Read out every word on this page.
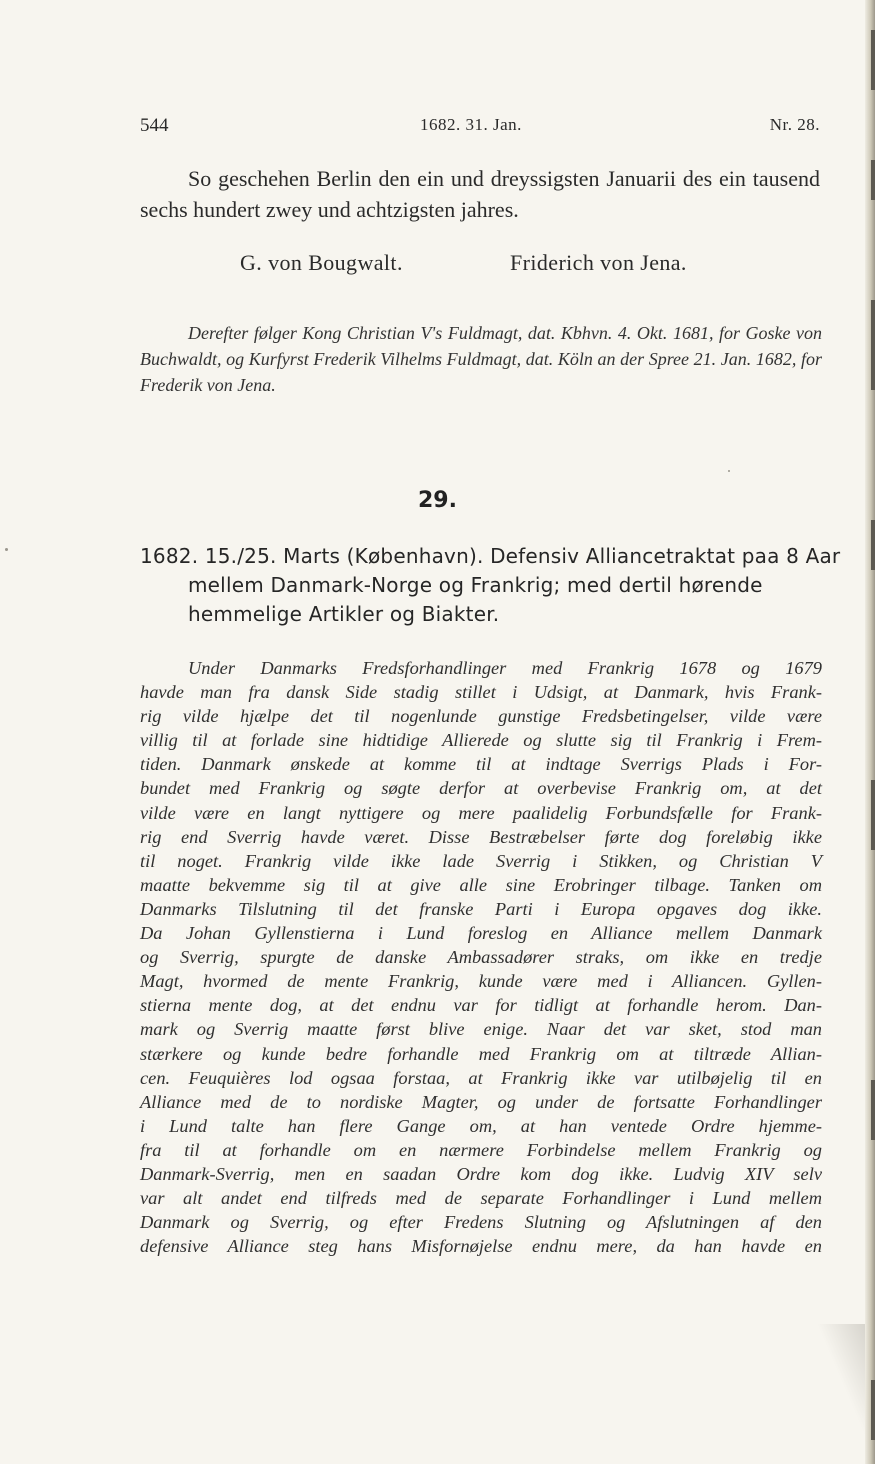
544	1682. 31. Jan.	Nr. 28.

So geschehen Berlin den ein und dreyssigsten Januarii des ein tausend sechs hundert zwey und achtzigsten jahres.

G. von Bougwalt.	Friderich von Jena.

Derefter følger Kong Christian V's Fuldmagt, dat. Kbhvn. 4. Okt. 1681, for Goske von Buchwaldt, og Kurfyrst Frederik Vilhelms Fuldmagt, dat. Köln an der Spree 21. Jan. 1682, for Frederik von Jena.

29.

1682. 15./25. Marts (København). Defensiv Alliancetraktat paa 8 Aar mellem Danmark-Norge og Frankrig; med dertil hørende hemmelige Artikler og Biakter.

Under Danmarks Fredsforhandlinger med Frankrig 1678 og 1679
havde man fra dansk Side stadig stillet i Udsigt, at Danmark, hvis Frank-
rig vilde hjælpe det til nogenlunde gunstige Fredsbetingelser, vilde være
villig til at forlade sine hidtidige Allierede og slutte sig til Frankrig i Frem-
tiden. Danmark ønskede at komme til at indtage Sverrigs Plads i For-
bundet med Frankrig og søgte derfor at overbevise Frankrig om, at det
vilde være en langt nyttigere og mere paalidelig Forbundsfælle for Frank-
rig end Sverrig havde været. Disse Bestræbelser førte dog foreløbig ikke
til noget. Frankrig vilde ikke lade Sverrig i Stikken, og Christian V
maatte bekvemme sig til at give alle sine Erobringer tilbage. Tanken om
Danmarks Tilslutning til det franske Parti i Europa opgaves dog ikke.
Da Johan Gyllenstierna i Lund foreslog en Alliance mellem Danmark
og Sverrig, spurgte de danske Ambassadører straks, om ikke en tredje
Magt, hvormed de mente Frankrig, kunde være med i Alliancen. Gyllen-
stierna mente dog, at det endnu var for tidligt at forhandle herom. Dan-
mark og Sverrig maatte først blive enige. Naar det var sket, stod man
stærkere og kunde bedre forhandle med Frankrig om at tiltræde Allian-
cen. Feuquières lod ogsaa forstaa, at Frankrig ikke var utilbøjelig til en
Alliance med de to nordiske Magter, og under de fortsatte Forhandlinger
i Lund talte han flere Gange om, at han ventede Ordre hjemme-
fra til at forhandle om en nærmere Forbindelse mellem Frankrig og
Danmark-Sverrig, men en saadan Ordre kom dog ikke. Ludvig XIV selv
var alt andet end tilfreds med de separate Forhandlinger i Lund mellem
Danmark og Sverrig, og efter Fredens Slutning og Afslutningen af den
defensive Alliance steg hans Misfornøjelse endnu mere, da han havde en
